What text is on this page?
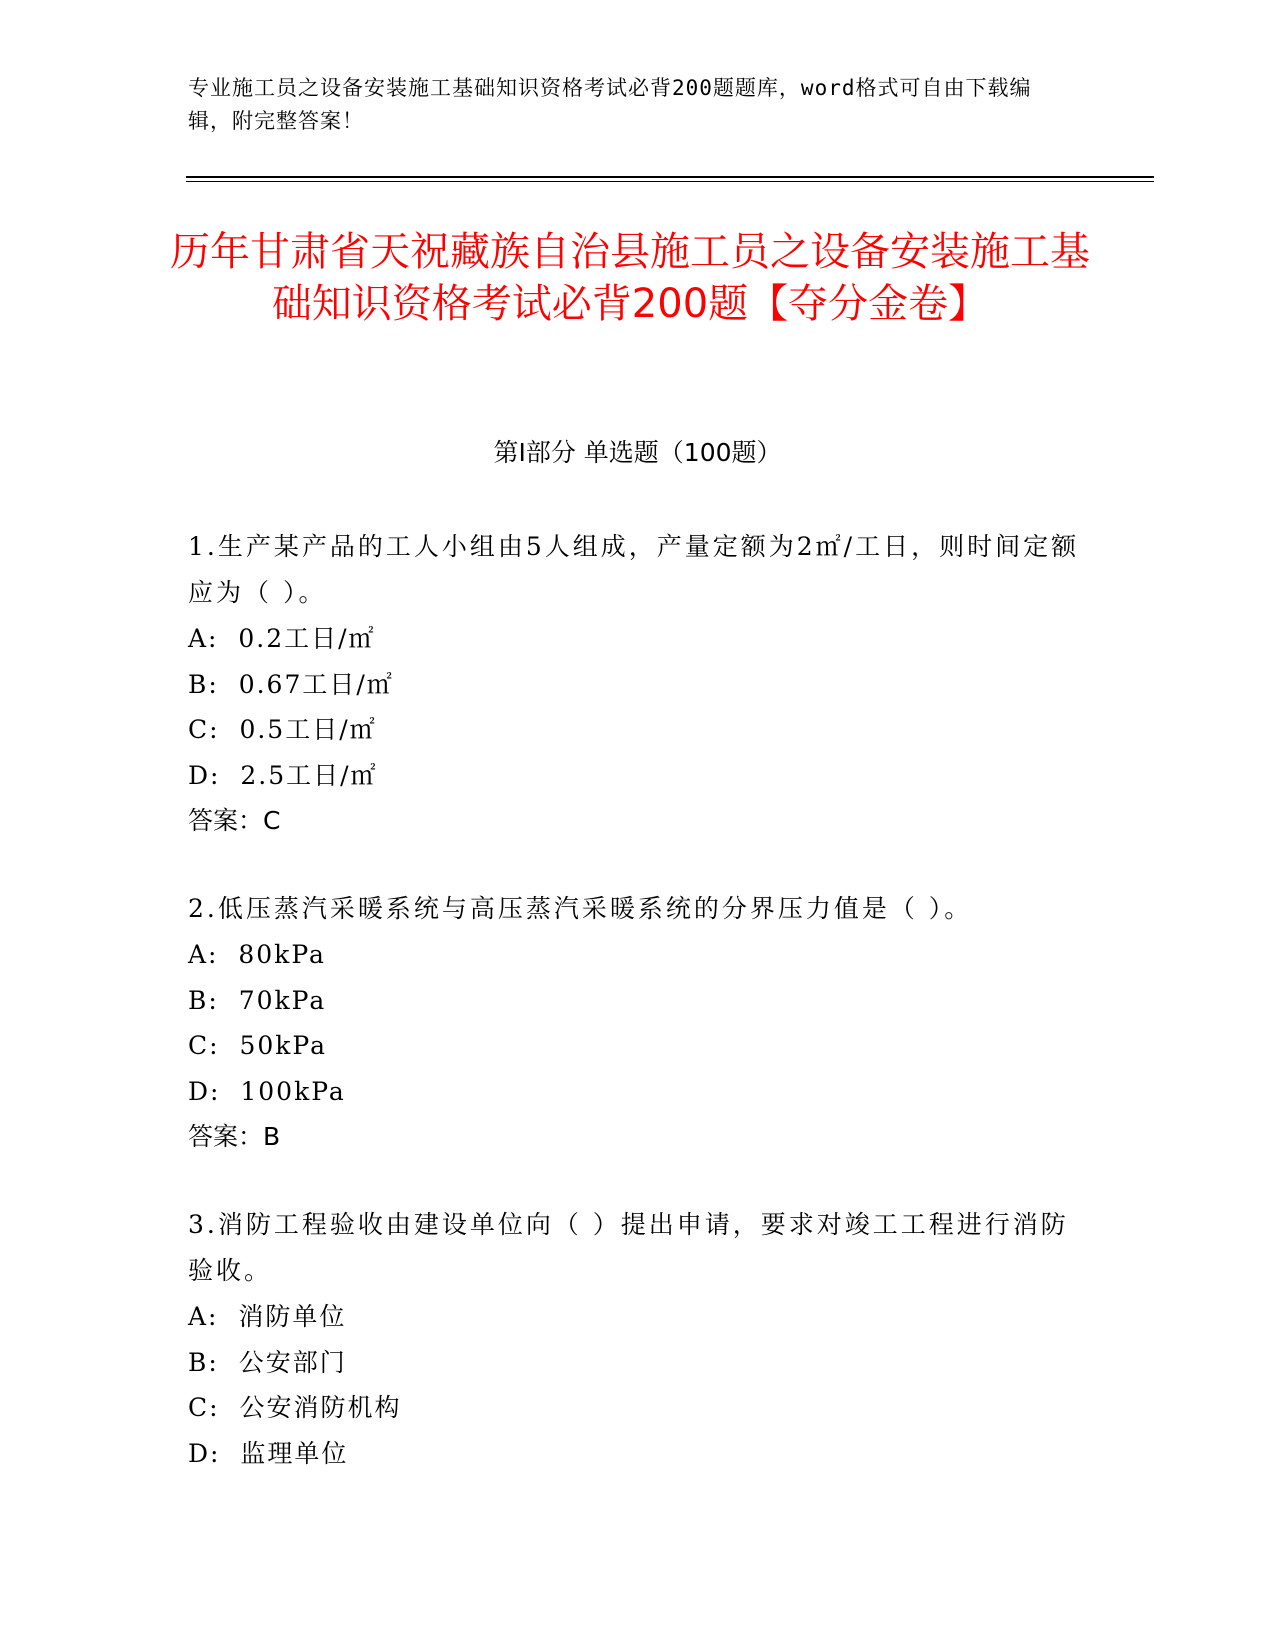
专业施工员之设备安装施工基础知识资格考试必背200题题库，word格式可自由下载编辑，附完整答案！
历年甘肃省天祝藏族自治县施工员之设备安装施工基础知识资格考试必背200题【夺分金卷】
第Ⅰ部分 单选题（100题）
1.生产某产品的工人小组由5人组成，产量定额为2㎡/工日，则时间定额应为（ ）。
A:  0.2工日/㎡
B:  0.67工日/㎡
C:  0.5工日/㎡
D:  2.5工日/㎡
答案：C
2.低压蒸汽采暖系统与高压蒸汽采暖系统的分界压力值是（ ）。
A:  80kPa
B:  70kPa
C:  50kPa
D:  100kPa
答案：B
3.消防工程验收由建设单位向（ ）提出申请，要求对竣工工程进行消防验收。
A:  消防单位
B:  公安部门
C:  公安消防机构
D:  监理单位
